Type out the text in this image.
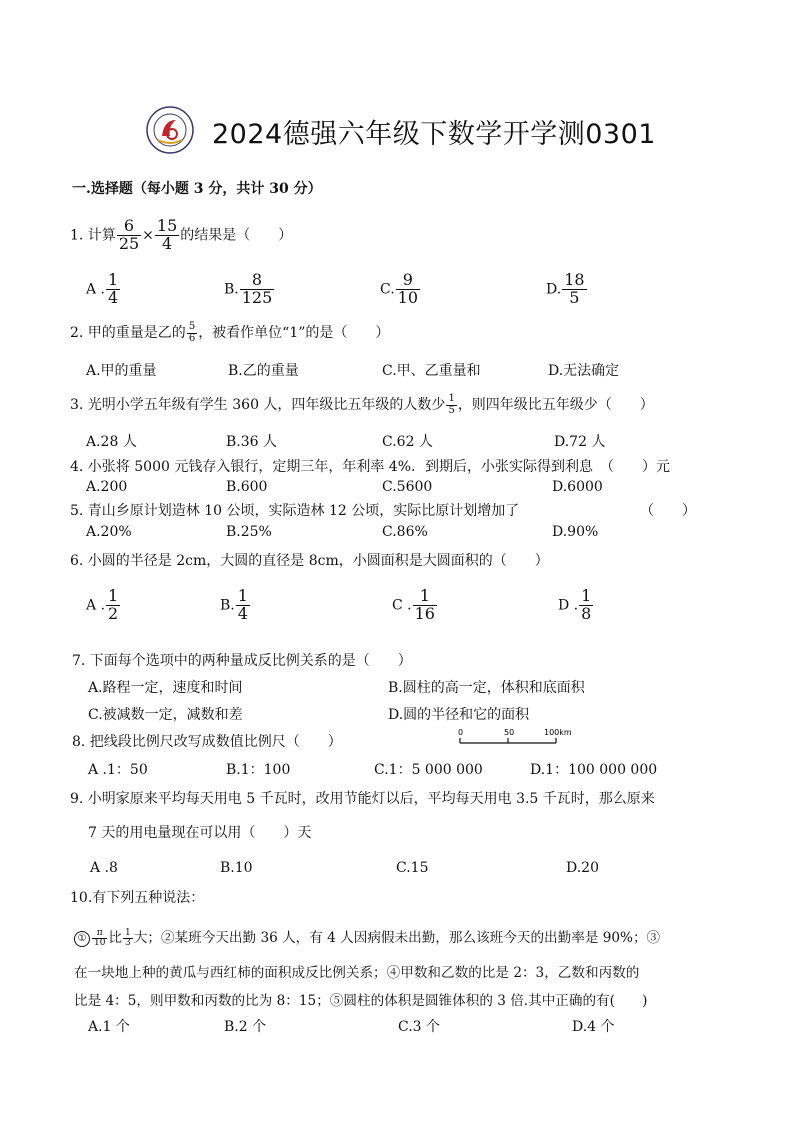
2024德强六年级下数学开学测0301
一.选择题（每小题 3 分，共计 30 分）
1. 计算 $\frac{6}{25} \times \frac{15}{4}$ 的结果是（　　）
A . $\frac{1}{4}$	B. $\frac{8}{125}$	C. $\frac{9}{10}$	D. $\frac{18}{5}$
2. 甲的重量是乙的 $\frac{5}{6}$ ，被看作单位“1”的是（　　）
A.甲的重量	B.乙的重量	C.甲、乙重量和	D.无法确定
3. 光明小学五年级有学生 360 人，四年级比五年级的人数少 $\frac{1}{5}$ ，则四年级比五年级少（　　）
A.28 人	B.36 人	C.62 人	D.72 人
4. 小张将 5000 元钱存入银行，定期三年，年利率 4%．到期后，小张实际得到利息　（　　）元
A.200	B.600	C.5600	D.6000
5. 青山乡原计划造林 10 公顷，实际造林 12 公顷，实际比原计划增加了	（　　）
A.20%	B.25%	C.86%	D.90%
6. 小圆的半径是 2cm，大圆的直径是 8cm，小圆面积是大圆面积的（　　）
A . $\frac{1}{2}$	B. $\frac{1}{4}$	C . $\frac{1}{16}$	D . $\frac{1}{8}$
7. 下面每个选项中的两种量成反比例关系的是（　　）
A.路程一定，速度和时间	B.圆柱的高一定，体积和底面积
C.被减数一定，减数和差	D.圆的半径和它的面积
8. 把线段比例尺改写成数值比例尺（　　）
0	50	100km
A .1：50	B.1：100	C.1：5 000 000	D.1：100 000 000
9. 小明家原来平均每天用电 5 千瓦时，改用节能灯以后，平均每天用电 3.5 千瓦时，那么原来
7 天的用电量现在可以用（　　）天
A .8	B.10	C.15	D.20
10.有下列五种说法：
① $\frac{\pi}{10}$ 比 $\frac{1}{3}$ 大；②某班今天出勤 36 人，有 4 人因病假未出勤，那么该班今天的出勤率是 90%；③
在一块地上种的黄瓜与西红柿的面积成反比例关系；④甲数和乙数的比是 2：3，乙数和丙数的
比是 4：5，则甲数和丙数的比为 8：15；⑤圆柱的体积是圆锥体积的 3 倍.其中正确的有(　　)
A.1 个	B.2 个	C.3 个	D.4 个
